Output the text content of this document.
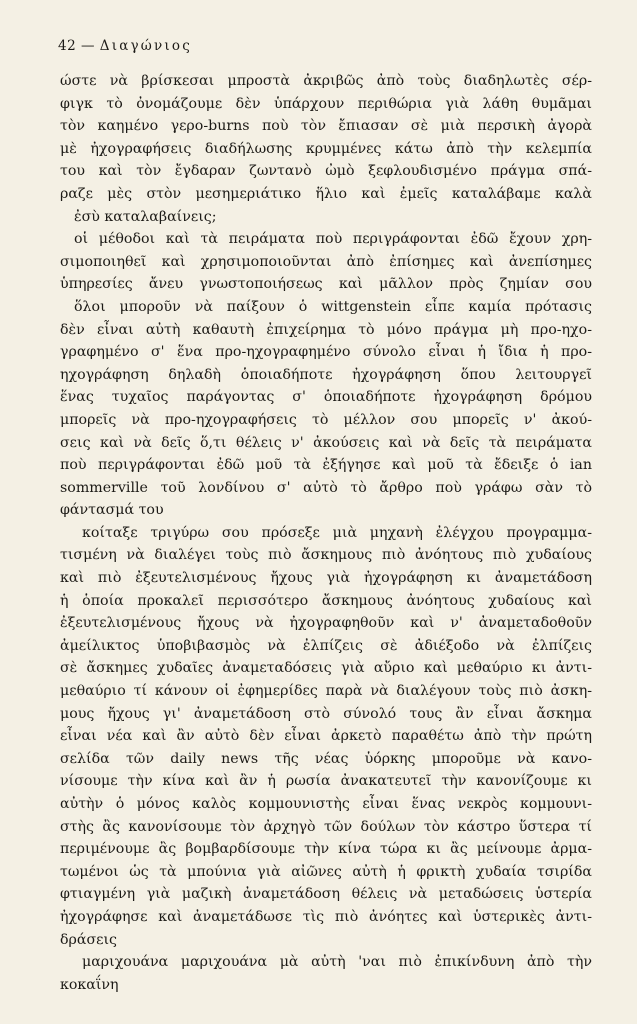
42 — Διαγώνιος
ώστε νὰ βρίσκεσαι μπροστὰ ἀκριβῶς ἀπὸ τοὺς διαδηλωτὲς σέρ-
φιγκ τὸ ὀνομάζουμε δὲν ὑπάρχουν περιθώρια γιὰ λάθη θυμᾶμαι
τὸν καημένο γερο-burns ποὺ τὸν ἔπιασαν σὲ μιὰ περσικὴ ἀγορὰ
μὲ ἠχογραφήσεις διαδήλωσης κρυμμένες κάτω ἀπὸ τὴν κελεμπία
του καὶ τὸν ἔγδαραν ζωντανὸ ὠμὸ ξεφλουδισμένο πράγμα σπά-
ραζε μὲς στὸν μεσημεριάτικο ἥλιο καὶ ἐμεῖς καταλάβαμε καλὰ
ἐσὺ καταλαβαίνεις;
οἱ μέθοδοι καὶ τὰ πειράματα ποὺ περιγράφονται ἐδῶ ἔχουν χρη-
σιμοποιηθεῖ καὶ χρησιμοποιοῦνται ἀπὸ ἐπίσημες καὶ ἀνεπίσημες
ὑπηρεσίες ἄνευ γνωστοποιήσεως καὶ μᾶλλον πρὸς ζημίαν σου
ὅλοι μποροῦν νὰ παίξουν ὁ wittgenstein εἶπε καμία πρότασις
δὲν εἶναι αὐτὴ καθαυτὴ ἐπιχείρημα τὸ μόνο πράγμα μὴ προ-ηχο-
γραφημένο σ' ἕνα προ-ηχογραφημένο σύνολο εἶναι ἡ ἴδια ἡ προ-
ηχογράφηση δηλαδὴ ὁποιαδήποτε ἠχογράφηση ὅπου λειτουργεῖ
ἕνας τυχαῖος παράγοντας σ' ὁποιαδήποτε ἠχογράφηση δρόμου
μπορεῖς νὰ προ-ηχογραφήσεις τὸ μέλλον σου μπορεῖς ν' ἀκού-
σεις καὶ νὰ δεῖς ὅ,τι θέλεις ν' ἀκούσεις καὶ νὰ δεῖς τὰ πειράματα
ποὺ περιγράφονται ἐδῶ μοῦ τὰ ἐξήγησε καὶ μοῦ τὰ ἔδειξε ὁ ian
sommerville τοῦ λονδίνου σ' αὐτὸ τὸ ἄρθρο ποὺ γράφω σὰν τὸ
φάντασμά του
κοίταξε τριγύρω σου πρόσεξε μιὰ μηχανὴ ἐλέγχου προγραμμα-
τισμένη νὰ διαλέγει τοὺς πιὸ ἄσκημους πιὸ ἀνόητους πιὸ χυδαίους
καὶ πιὸ ἐξευτελισμένους ἤχους γιὰ ἠχογράφηση κι ἀναμετάδοση
ἡ ὁποία προκαλεῖ περισσότερο ἄσκημους ἀνόητους χυδαίους καὶ
ἐξευτελισμένους ἤχους νὰ ἠχογραφηθοῦν καὶ ν' ἀναμεταδοθοῦν
ἀμείλικτος ὑποβιβασμὸς νὰ ἐλπίζεις σὲ ἀδιέξοδο νὰ ἐλπίζεις
σὲ ἄσκημες χυδαῖες ἀναμεταδόσεις γιὰ αὔριο καὶ μεθαύριο κι ἀντι-
μεθαύριο τί κάνουν οἱ ἐφημερίδες παρὰ νὰ διαλέγουν τοὺς πιὸ ἀσκη-
μους ἤχους γι' ἀναμετάδοση στὸ σύνολό τους ἂν εἶναι ἄσκημα
εἶναι νέα καὶ ἂν αὐτὸ δὲν εἶναι ἀρκετὸ παραθέτω ἀπὸ τὴν πρώτη
σελίδα τῶν daily news τῆς νέας ὑόρκης μποροῦμε νὰ κανο-
νίσουμε τὴν κίνα καὶ ἂν ἡ ρωσία ἀνακατευτεῖ τὴν κανονίζουμε κι
αὐτὴν ὁ μόνος καλὸς κομμουνιστὴς εἶναι ἕνας νεκρὸς κομμουνι-
στὴς ἂς κανονίσουμε τὸν ἀρχηγὸ τῶν δούλων τὸν κάστρο ὕστερα τί
περιμένουμε ἂς βομβαρδίσουμε τὴν κίνα τώρα κι ἂς μείνουμε ἀρμα-
τωμένοι ὡς τὰ μπούνια γιὰ αἰῶνες αὐτὴ ἡ φρικτὴ χυδαία τσιρίδα
φτιαγμένη γιὰ μαζικὴ ἀναμετάδοση θέλεις νὰ μεταδώσεις ὑστερία
ἠχογράφησε καὶ ἀναμετάδωσε τὶς πιὸ ἀνόητες καὶ ὑστερικὲς ἀντι-
δράσεις
μαριχουάνα μαριχουάνα μὰ αὐτὴ 'ναι πιὸ ἐπικίνδυνη ἀπὸ τὴν
κοκαΐνη
